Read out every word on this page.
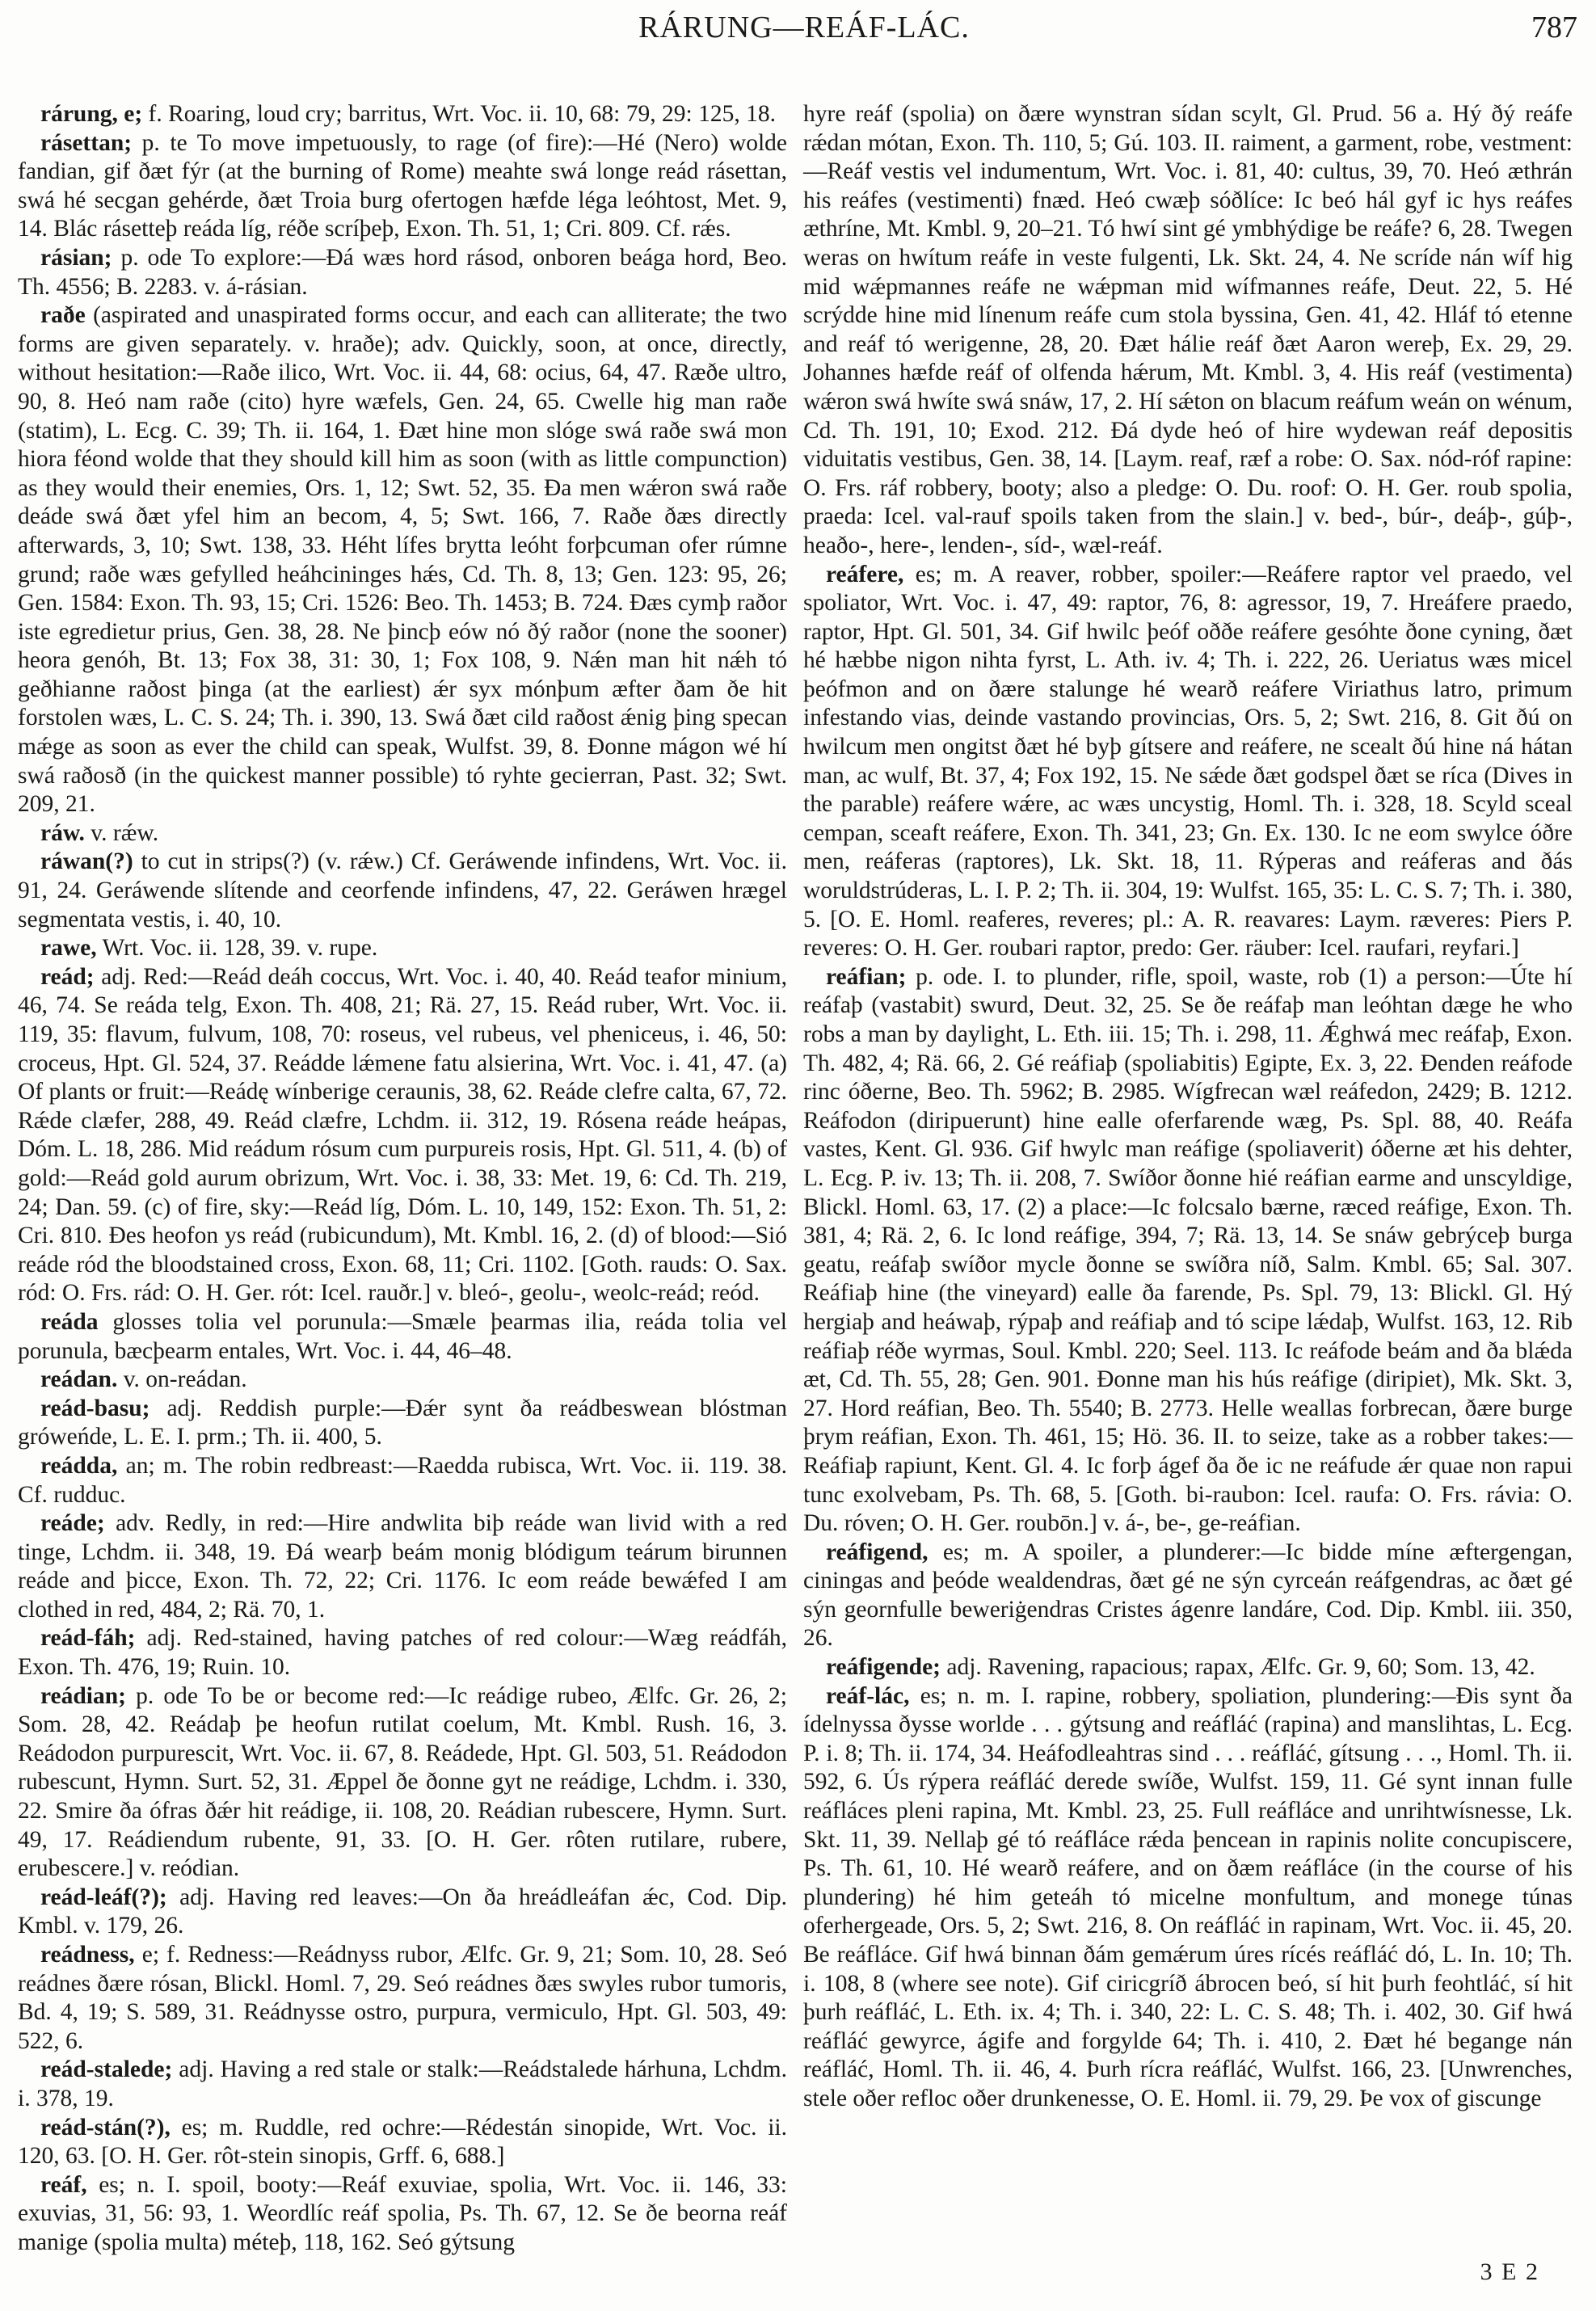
RÁRUNG—REÁF-LÁC.	787

rárung, e; f. Roaring, loud cry; barritus, Wrt. Voc. ii. 10, 68: 79, 29: 125, 18.

rásettan; p. te To move impetuously, to rage (of fire):—Hé (Nero) wolde fandian, gif ðæt fýr (at the burning of Rome) meahte swá longe reád rásettan, swá hé secgan gehérde, ðæt Troia burg ofertogen hæfde léga leóhtost, Met. 9, 14. Blác rásetteþ reáda líg, réðe scríþeþ, Exon. Th. 51, 1; Cri. 809. Cf. rǽs.

rásian; p. ode To explore:—Ðá wæs hord rásod, onboren beága hord, Beo. Th. 4556; B. 2283. v. á-rásian.

raðe (aspirated and unaspirated forms occur, and each can alliterate; the two forms are given separately. v. hraðe); adv. Quickly, soon, at once, directly, without hesitation:—Raðe ilico, Wrt. Voc. ii. 44, 68: ocius, 64, 47. Ræðe ultro, 90, 8. Heó nam raðe (cito) hyre wæfels, Gen. 24, 65. Cwelle hig man raðe (statim), L. Ecg. C. 39; Th. ii. 164, 1. Ðæt hine mon slóge swá raðe swá mon hiora féond wolde that they should kill him as soon (with as little compunction) as they would their enemies, Ors. 1, 12; Swt. 52, 35. Ða men wǽron swá raðe deáde swá ðæt yfel him an becom, 4, 5; Swt. 166, 7. Raðe ðæs directly afterwards, 3, 10; Swt. 138, 33. Héht lífes brytta leóht forþcuman ofer rúmne grund; raðe wæs gefylled heáhcininges hǽs, Cd. Th. 8, 13; Gen. 123: 95, 26; Gen. 1584: Exon. Th. 93, 15; Cri. 1526: Beo. Th. 1453; B. 724. Ðæs cymþ raðor iste egredietur prius, Gen. 38, 28. Ne þincþ eów nó ðý raðor (none the sooner) heora genóh, Bt. 13; Fox 38, 31: 30, 1; Fox 108, 9. Nǽn man hit nǽh tó geðhianne raðost þinga (at the earliest) ǽr syx mónþum æfter ðam ðe hit forstolen wæs, L. C. S. 24; Th. i. 390, 13. Swá ðæt cild raðost ǽnig þing specan mǽge as soon as ever the child can speak, Wulfst. 39, 8. Ðonne mágon wé hí swá raðosð (in the quickest manner possible) tó ryhte gecierran, Past. 32; Swt. 209, 21.

ráw. v. rǽw.

ráwan(?) to cut in strips(?) (v. rǽw.) Cf. Geráwende infindens, Wrt. Voc. ii. 91, 24. Geráwende slítende and ceorfende infindens, 47, 22. Geráwen hrægel segmentata vestis, i. 40, 10.

rawe, Wrt. Voc. ii. 128, 39. v. rupe.

reád; adj. Red:—Reád deáh coccus, Wrt. Voc. i. 40, 40. Reád teafor minium, 46, 74. Se reáda telg, Exon. Th. 408, 21; Rä. 27, 15. Reád ruber, Wrt. Voc. ii. 119, 35: flavum, fulvum, 108, 70: roseus, vel rubeus, vel pheniceus, i. 46, 50: croceus, Hpt. Gl. 524, 37. Reádde lǽmene fatu alsierina, Wrt. Voc. i. 41, 47. (a) Of plants or fruit:—Reádę wínberige ceraunis, 38, 62. Reáde clefre calta, 67, 72. Rǽde clæfer, 288, 49. Reád clæfre, Lchdm. ii. 312, 19. Rósena reáde heápas, Dóm. L. 18, 286. Mid reádum rósum cum purpureis rosis, Hpt. Gl. 511, 4. (b) of gold:—Reád gold aurum obrizum, Wrt. Voc. i. 38, 33: Met. 19, 6: Cd. Th. 219, 24; Dan. 59. (c) of fire, sky:—Reád líg, Dóm. L. 10, 149, 152: Exon. Th. 51, 2: Cri. 810. Ðes heofon ys reád (rubicundum), Mt. Kmbl. 16, 2. (d) of blood:—Sió reáde ród the bloodstained cross, Exon. 68, 11; Cri. 1102. [Goth. rauds: O. Sax. ród: O. Frs. rád: O. H. Ger. rót: Icel. rauðr.] v. bleó-, geolu-, weolc-reád; reód.

reáda glosses tolia vel porunula:—Smæle þearmas ilia, reáda tolia vel porunula, bæcþearm entales, Wrt. Voc. i. 44, 46–48.

reádan. v. on-reádan.

reád-basu; adj. Reddish purple:—Ðǽr synt ða reádbeswean blóstman gróweńde, L. E. I. prm.; Th. ii. 400, 5.

reádda, an; m. The robin redbreast:—Raedda rubisca, Wrt. Voc. ii. 119. 38. Cf. rudduc.

reáde; adv. Redly, in red:—Hire andwlita biþ reáde wan livid with a red tinge, Lchdm. ii. 348, 19. Ðá wearþ beám monig blódigum teárum birunnen reáde and þicce, Exon. Th. 72, 22; Cri. 1176. Ic eom reáde bewǽfed I am clothed in red, 484, 2; Rä. 70, 1.

reád-fáh; adj. Red-stained, having patches of red colour:—Wæg reádfáh, Exon. Th. 476, 19; Ruin. 10.

reádian; p. ode To be or become red:—Ic reádige rubeo, Ælfc. Gr. 26, 2; Som. 28, 42. Reádaþ þe heofun rutilat coelum, Mt. Kmbl. Rush. 16, 3. Reádodon purpurescit, Wrt. Voc. ii. 67, 8. Reádede, Hpt. Gl. 503, 51. Reádodon rubescunt, Hymn. Surt. 52, 31. Æppel ðe ðonne gyt ne reádige, Lchdm. i. 330, 22. Smire ða ófras ðǽr hit reádige, ii. 108, 20. Reádian rubescere, Hymn. Surt. 49, 17. Reádiendum rubente, 91, 33. [O. H. Ger. rôten rutilare, rubere, erubescere.] v. reódian.

reád-leáf(?); adj. Having red leaves:—On ða hreádleáfan ǽc, Cod. Dip. Kmbl. v. 179, 26.

reádness, e; f. Redness:—Reádnyss rubor, Ælfc. Gr. 9, 21; Som. 10, 28. Seó reádnes ðære rósan, Blickl. Homl. 7, 29. Seó reádnes ðæs swyles rubor tumoris, Bd. 4, 19; S. 589, 31. Reádnysse ostro, purpura, vermiculo, Hpt. Gl. 503, 49: 522, 6.

reád-stalede; adj. Having a red stale or stalk:—Reádstalede hárhuna, Lchdm. i. 378, 19.

reád-stán(?), es; m. Ruddle, red ochre:—Rédestán sinopide, Wrt. Voc. ii. 120, 63. [O. H. Ger. rôt-stein sinopis, Grff. 6, 688.]

reáf, es; n. I. spoil, booty:—Reáf exuviae, spolia, Wrt. Voc. ii. 146, 33: exuvias, 31, 56: 93, 1. Weordlíc reáf spolia, Ps. Th. 67, 12. Se ðe beorna reáf manige (spolia multa) méteþ, 118, 162. Seó gýtsung

hyre reáf (spolia) on ðære wynstran sídan scylt, Gl. Prud. 56 a. Hý ðý reáfe rǽdan mótan, Exon. Th. 110, 5; Gú. 103. II. raiment, a garment, robe, vestment:—Reáf vestis vel indumentum, Wrt. Voc. i. 81, 40: cultus, 39, 70. Heó æthrán his reáfes (vestimenti) fnæd. Heó cwæþ sóðlíce: Ic beó hál gyf ic hys reáfes æthríne, Mt. Kmbl. 9, 20–21. Tó hwí sint gé ymbhýdige be reáfe? 6, 28. Twegen weras on hwítum reáfe in veste fulgenti, Lk. Skt. 24, 4. Ne scríde nán wíf hig mid wǽpmannes reáfe ne wǽpman mid wífmannes reáfe, Deut. 22, 5. Hé scrýdde hine mid línenum reáfe cum stola byssina, Gen. 41, 42. Hláf tó etenne and reáf tó werigenne, 28, 20. Ðæt hálie reáf ðæt Aaron wereþ, Ex. 29, 29. Johannes hæfde reáf of olfenda hǽrum, Mt. Kmbl. 3, 4. His reáf (vestimenta) wǽron swá hwíte swá snáw, 17, 2. Hí sǽton on blacum reáfum weán on wénum, Cd. Th. 191, 10; Exod. 212. Ðá dyde heó of hire wydewan reáf depositis viduitatis vestibus, Gen. 38, 14. [Laym. reaf, ræf a robe: O. Sax. nód-róf rapine: O. Frs. ráf robbery, booty; also a pledge: O. Du. roof: O. H. Ger. roub spolia, praeda: Icel. val-rauf spoils taken from the slain.] v. bed-, búr-, deáþ-, gúþ-, heaðo-, here-, lenden-, síd-, wæl-reáf.

reáfere, es; m. A reaver, robber, spoiler:—Reáfere raptor vel praedo, vel spoliator, Wrt. Voc. i. 47, 49: raptor, 76, 8: agressor, 19, 7. Hreáfere praedo, raptor, Hpt. Gl. 501, 34. Gif hwilc þeóf oððe reáfere gesóhte ðone cyning, ðæt hé hæbbe nigon nihta fyrst, L. Ath. iv. 4; Th. i. 222, 26. Ueriatus wæs micel þeófmon and on ðære stalunge hé wearð reáfere Viriathus latro, primum infestando vias, deinde vastando provincias, Ors. 5, 2; Swt. 216, 8. Git ðú on hwilcum men ongitst ðæt hé byþ gítsere and reáfere, ne scealt ðú hine ná hátan man, ac wulf, Bt. 37, 4; Fox 192, 15. Ne sǽde ðæt godspel ðæt se ríca (Dives in the parable) reáfere wǽre, ac wæs uncystig, Homl. Th. i. 328, 18. Scyld sceal cempan, sceaft reáfere, Exon. Th. 341, 23; Gn. Ex. 130. Ic ne eom swylce óðre men, reáferas (raptores), Lk. Skt. 18, 11. Rýperas and reáferas and ðás woruldstrúderas, L. I. P. 2; Th. ii. 304, 19: Wulfst. 165, 35: L. C. S. 7; Th. i. 380, 5. [O. E. Homl. reaferes, reveres; pl.: A. R. reavares: Laym. ræveres: Piers P. reveres: O. H. Ger. roubari raptor, predo: Ger. räuber: Icel. raufari, reyfari.]

reáfian; p. ode. I. to plunder, rifle, spoil, waste, rob (1) a person:—Úte hí reáfaþ (vastabit) swurd, Deut. 32, 25. Se ðe reáfaþ man leóhtan dæge he who robs a man by daylight, L. Eth. iii. 15; Th. i. 298, 11. Ǽghwá mec reáfaþ, Exon. Th. 482, 4; Rä. 66, 2. Gé reáfiaþ (spoliabitis) Egipte, Ex. 3, 22. Ðenden reáfode rinc óðerne, Beo. Th. 5962; B. 2985. Wígfrecan wæl reáfedon, 2429; B. 1212. Reáfodon (diripuerunt) hine ealle oferfarende wæg, Ps. Spl. 88, 40. Reáfa vastes, Kent. Gl. 936. Gif hwylc man reáfige (spoliaverit) óðerne æt his dehter, L. Ecg. P. iv. 13; Th. ii. 208, 7. Swíðor ðonne hié reáfian earme and unscyldige, Blickl. Homl. 63, 17. (2) a place:—Ic folcsalo bærne, ræced reáfige, Exon. Th. 381, 4; Rä. 2, 6. Ic lond reáfige, 394, 7; Rä. 13, 14. Se snáw gebrýceþ burga geatu, reáfaþ swíðor mycle ðonne se swíðra níð, Salm. Kmbl. 65; Sal. 307. Reáfiaþ hine (the vineyard) ealle ða farende, Ps. Spl. 79, 13: Blickl. Gl. Hý hergiaþ and heáwaþ, rýpaþ and reáfiaþ and tó scipe lǽdaþ, Wulfst. 163, 12. Rib reáfiaþ réðe wyrmas, Soul. Kmbl. 220; Seel. 113. Ic reáfode beám and ða blǽda æt, Cd. Th. 55, 28; Gen. 901. Ðonne man his hús reáfige (diripiet), Mk. Skt. 3, 27. Hord reáfian, Beo. Th. 5540; B. 2773. Helle weallas forbrecan, ðære burge þrym reáfian, Exon. Th. 461, 15; Hö. 36. II. to seize, take as a robber takes:—Reáfiaþ rapiunt, Kent. Gl. 4. Ic forþ ágef ða ðe ic ne reáfude ǽr quae non rapui tunc exolvebam, Ps. Th. 68, 5. [Goth. bi-raubon: Icel. raufa: O. Frs. rávia: O. Du. róven; O. H. Ger. roubōn.] v. á-, be-, ge-reáfian.

reáfigend, es; m. A spoiler, a plunderer:—Ic bidde míne æftergengan, ciningas and þeóde wealdendras, ðæt gé ne sýn cyrceán reáfgendras, ac ðæt gé sýn geornfulle beweriġendras Cristes ágenre landáre, Cod. Dip. Kmbl. iii. 350, 26.

reáfigende; adj. Ravening, rapacious; rapax, Ælfc. Gr. 9, 60; Som. 13, 42.

reáf-lác, es; n. m. I. rapine, robbery, spoliation, plundering:—Ðis synt ða ídelnyssa ðysse worlde . . . gýtsung and reáfláć (rapina) and manslihtas, L. Ecg. P. i. 8; Th. ii. 174, 34. Heáfodleahtras sind . . . reáfláć, gítsung . . ., Homl. Th. ii. 592, 6. Ús rýpera reáfláć derede swíðe, Wulfst. 159, 11. Gé synt innan fulle reáfláces pleni rapina, Mt. Kmbl. 23, 25. Full reáfláce and unrihtwísnesse, Lk. Skt. 11, 39. Nellaþ gé tó reáfláce rǽda þencean in rapinis nolite concupiscere, Ps. Th. 61, 10. Hé wearð reáfere, and on ðæm reáfláce (in the course of his plundering) hé him geteáh tó micelne monfultum, and monege túnas oferhergeade, Ors. 5, 2; Swt. 216, 8. On reáfláć in rapinam, Wrt. Voc. ii. 45, 20. Be reáfláce. Gif hwá binnan ðám gemǽrum úres rícés reáfláć dó, L. In. 10; Th. i. 108, 8 (where see note). Gif ciricgríð ábrocen beó, sí hit þurh feohtláć, sí hit þurh reáfláć, L. Eth. ix. 4; Th. i. 340, 22: L. C. S. 48; Th. i. 402, 30. Gif hwá reáfláć gewyrce, ágife and forgylde 64; Th. i. 410, 2. Ðæt hé begange nán reáfláć, Homl. Th. ii. 46, 4. Þurh rícra reáfláć, Wulfst. 166, 23. [Unwrenches, stele oðer refloc oðer drunkenesse, O. E. Homl. ii. 79, 29. Þe vox of giscunge

3 E 2
